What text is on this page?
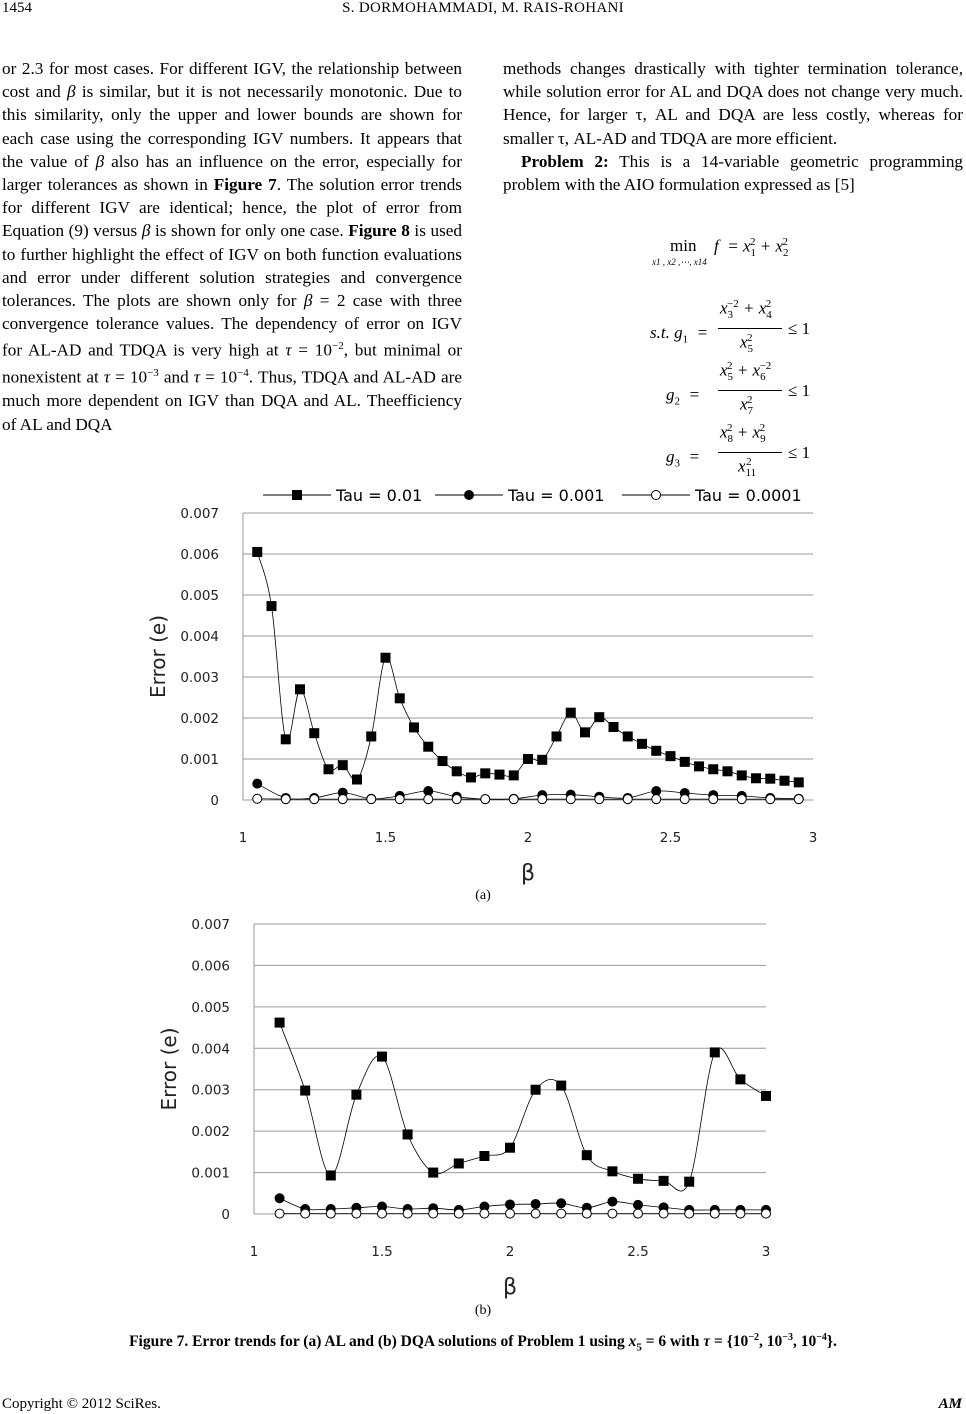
1454	S. DORMOHAMMADI, M. RAIS-ROHANI

or 2.3 for most cases. For different IGV, the relationship between cost and β is similar, but it is not necessarily monotonic. Due to this similarity, only the upper and lower bounds are shown for each case using the corresponding IGV numbers. It appears that the value of β also has an influence on the error, especially for larger tolerances as shown in Figure 7. The solution error trends for different IGV are identical; hence, the plot of error from Equation (9) versus β is shown for only one case. Figure 8 is used to further highlight the effect of IGV on both function evaluations and error under different solution strategies and convergence tolerances. The plots are shown only for β = 2 case with three convergence tolerance values. The dependency of error on IGV for AL-AD and TDQA is very high at $\tau = 10^{-2}$, but minimal or nonexistent at $\tau = 10^{-3}$ and $\tau = 10^{-4}$. Thus, TDQA and AL-AD are much more dependent on IGV than DQA and AL. Theefficiency of AL and DQA

methods changes drastically with tighter termination tolerance, while solution error for AL and DQA does not change very much. Hence, for larger τ, AL and DQA are less costly, whereas for smaller τ, AL-AD and TDQA are more efficient.

Problem 2: This is a 14-variable geometric programming problem with the AIO formulation expressed as [5]

min
x1 , x2 ,⋯, x14
$f = x_1^2 + x_2^2$
s.t. $g_1$  =
$x_3^{-2} + x_4^2$
$x_5^2 \le 1$
$g_2$  =
$x_5^2 + x_6^{-2}$
$x_7^2 \le 1$
$g_3$  =
$x_8^2 + x_9^2$
$x_{11}^2 \le 1$
0
0.001
0.002
0.003
0.004
0.005
0.006
0.007
1	1.5	2	2.5	3
β
Error (e)
Tau = 0.01	Tau = 0.001	Tau = 0.0001
(a)
0
0.001
0.002
0.003
0.004
0.005
0.006
0.007
1	1.5	2	2.5	3
β
Error (e)
(b)
Figure 7. Error trends for (a) AL and (b) DQA solutions of Problem 1 using $x_5 = 6$ with $\tau = \{10^{-2}$, $10^{-3}$, $10^{-4}$}.
Copyright © 2012 SciRes.	AM
